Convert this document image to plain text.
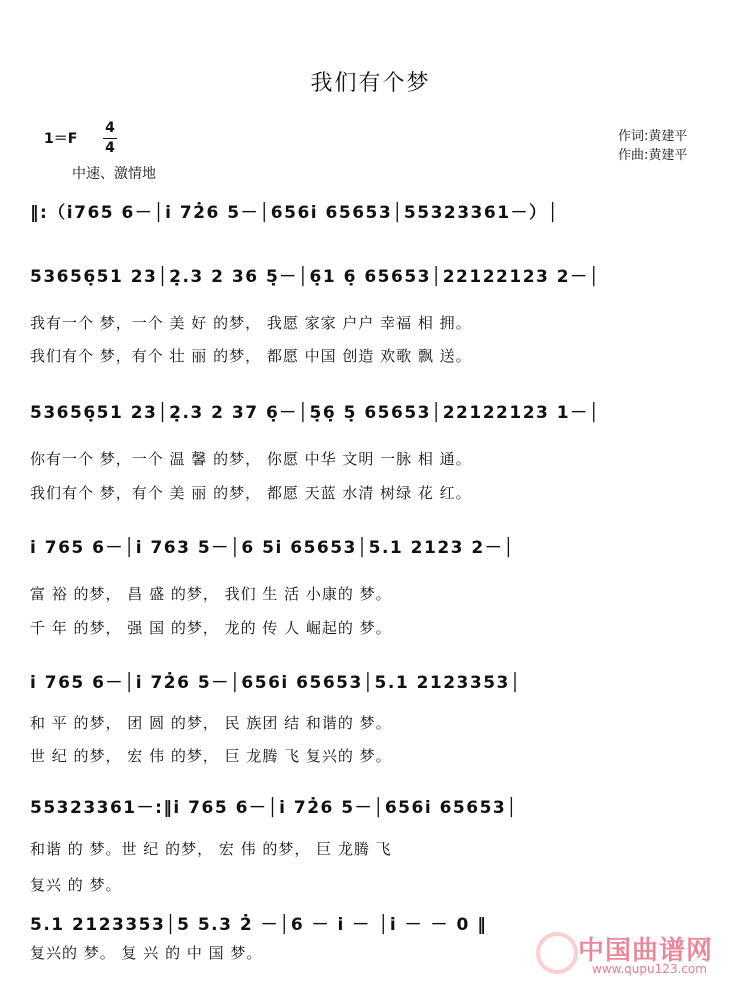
我们有个梦
1＝F
4
4
中速、激情地
作词:黄建平
作曲:黄建平
‖:（i765 6－│i 72̇6 5－│656i 65653│55323361－）│
53656̣51 23│2̣.3 2 36 5̣－│6̣1 6̣ 65653│22122123 2－│
我有一个 梦，一个 美 好 的梦， 我愿 家家 户户 幸福 相 拥。
我们有个 梦，有个 壮 丽 的梦， 都愿 中国 创造 欢歌 飘 送。
53656̣51 23│2̣.3 2 37 6̣－│5̣6̣ 5̣ 65653│22122123 1－│
你有一个 梦，一个 温 馨 的梦， 你愿 中华 文明 一脉 相 通。
我们有个 梦，有个 美 丽 的梦， 都愿 天蓝 水清 树绿 花 红。
i 765 6－│i 763 5－│6 5i 65653│5.1 2123 2－│
富 裕 的梦， 昌 盛 的梦， 我们 生 活 小康的 梦。
千 年 的梦， 强 国 的梦， 龙的 传 人 崛起的 梦。
i 765 6－│i 72̇6 5－│656i 65653│5.1 2123353│
和 平 的梦， 团 圆 的梦， 民 族团 结 和谐的 梦。
世 纪 的梦， 宏 伟 的梦， 巨 龙腾 飞 复兴的 梦。
55323361－:‖i 765 6－│i 72̇6 5－│656i 65653│
和谐 的 梦。世 纪 的梦， 宏 伟 的梦， 巨 龙腾 飞
复兴 的 梦。
5.1 2123353│5 5.3 2̇ －│6 － i － │i － － 0 ‖
复兴的 梦。 复 兴 的 中 国 梦。	中国曲谱网
www.qupu123.com
